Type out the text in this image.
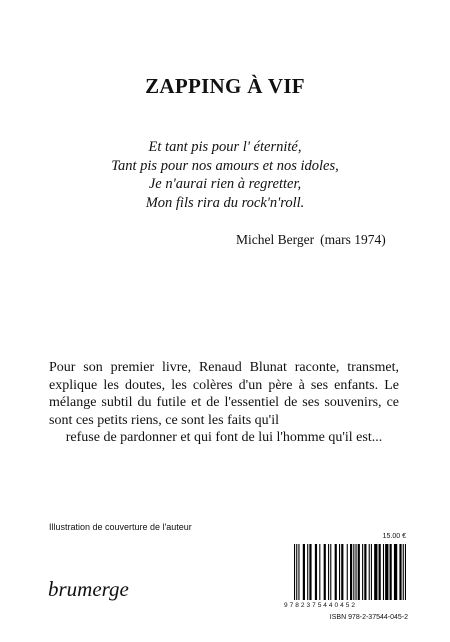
ZAPPING À VIF
Et tant pis pour l' éternité,
Tant pis pour nos amours et nos idoles,
Je n'aurai rien à regretter,
Mon fils rira du rock'n'roll.
Michel Berger (mars 1974)
Pour son premier livre, Renaud Blunat raconte, transmet, explique les doutes, les colères d'un père à ses enfants. Le mélange subtil du futile et de l'essentiel de ses souvenirs, ce sont ces petits riens, ce sont les faits qu'il
refuse de pardonner et qui font de lui l'homme qu'il est...
Illustration de couverture de l'auteur
brumerge
15.00 €
9782375440452
ISBN 978-2-37544-045-2
